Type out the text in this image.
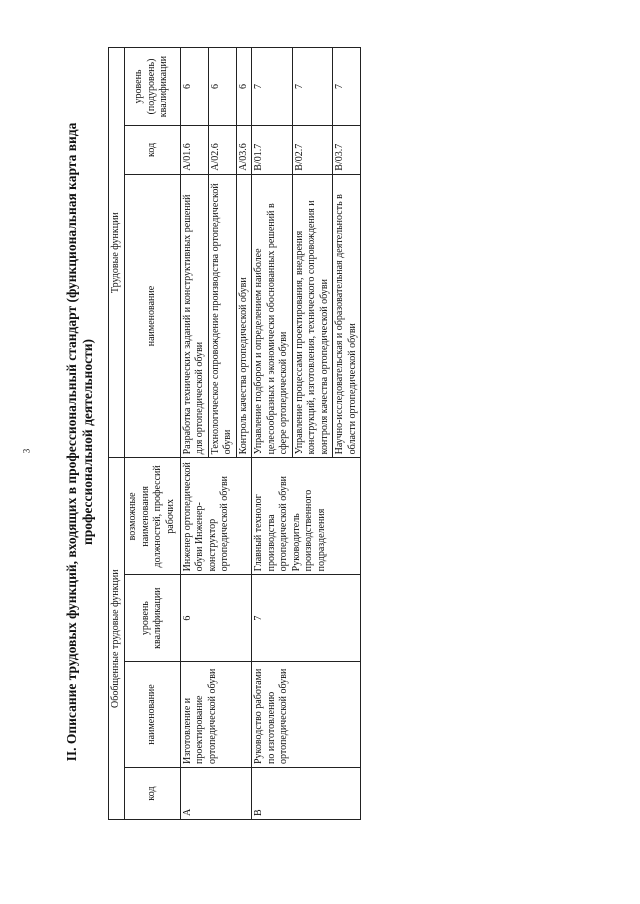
3 II. Описание трудовых функций, входящих в профессиональный стандарт (функциональная карта вида профессиональной деятельности)
Обобщенные трудовые функции				Трудовые функции		
код	наименование	уровень квалификации	возможные наименования должностей, профессий рабочих	наименование	код	уровень (подуровень) квалификации
A	Изготовление и проектирование ортопедической обуви	6	Инженер ортопедической обуви Инженер-конструктор ортопедической обуви	Разработка технических заданий и конструктивных решений для ортопедической обуви	A/01.6	6
				Технологическое сопровождение производства ортопедической обуви	A/02.6	6
				Контроль качества ортопедической обуви	A/03.6	6
B	Руководство работами по изготовлению ортопедической обуви	7	Главный технолог производства ортопедической обуви Руководитель производственного подразделения	Управление подбором и определением наиболее целесообразных и экономически обоснованных решений в сфере ортопедической обуви	B/01.7	7
				Управление процессами проектирования, внедрения конструкций, изготовления, технического сопровождения и контроля качества ортопедической обуви	B/02.7	7
				Научно-исследовательская и образовательная деятельность в области ортопедической обуви	B/03.7	7
